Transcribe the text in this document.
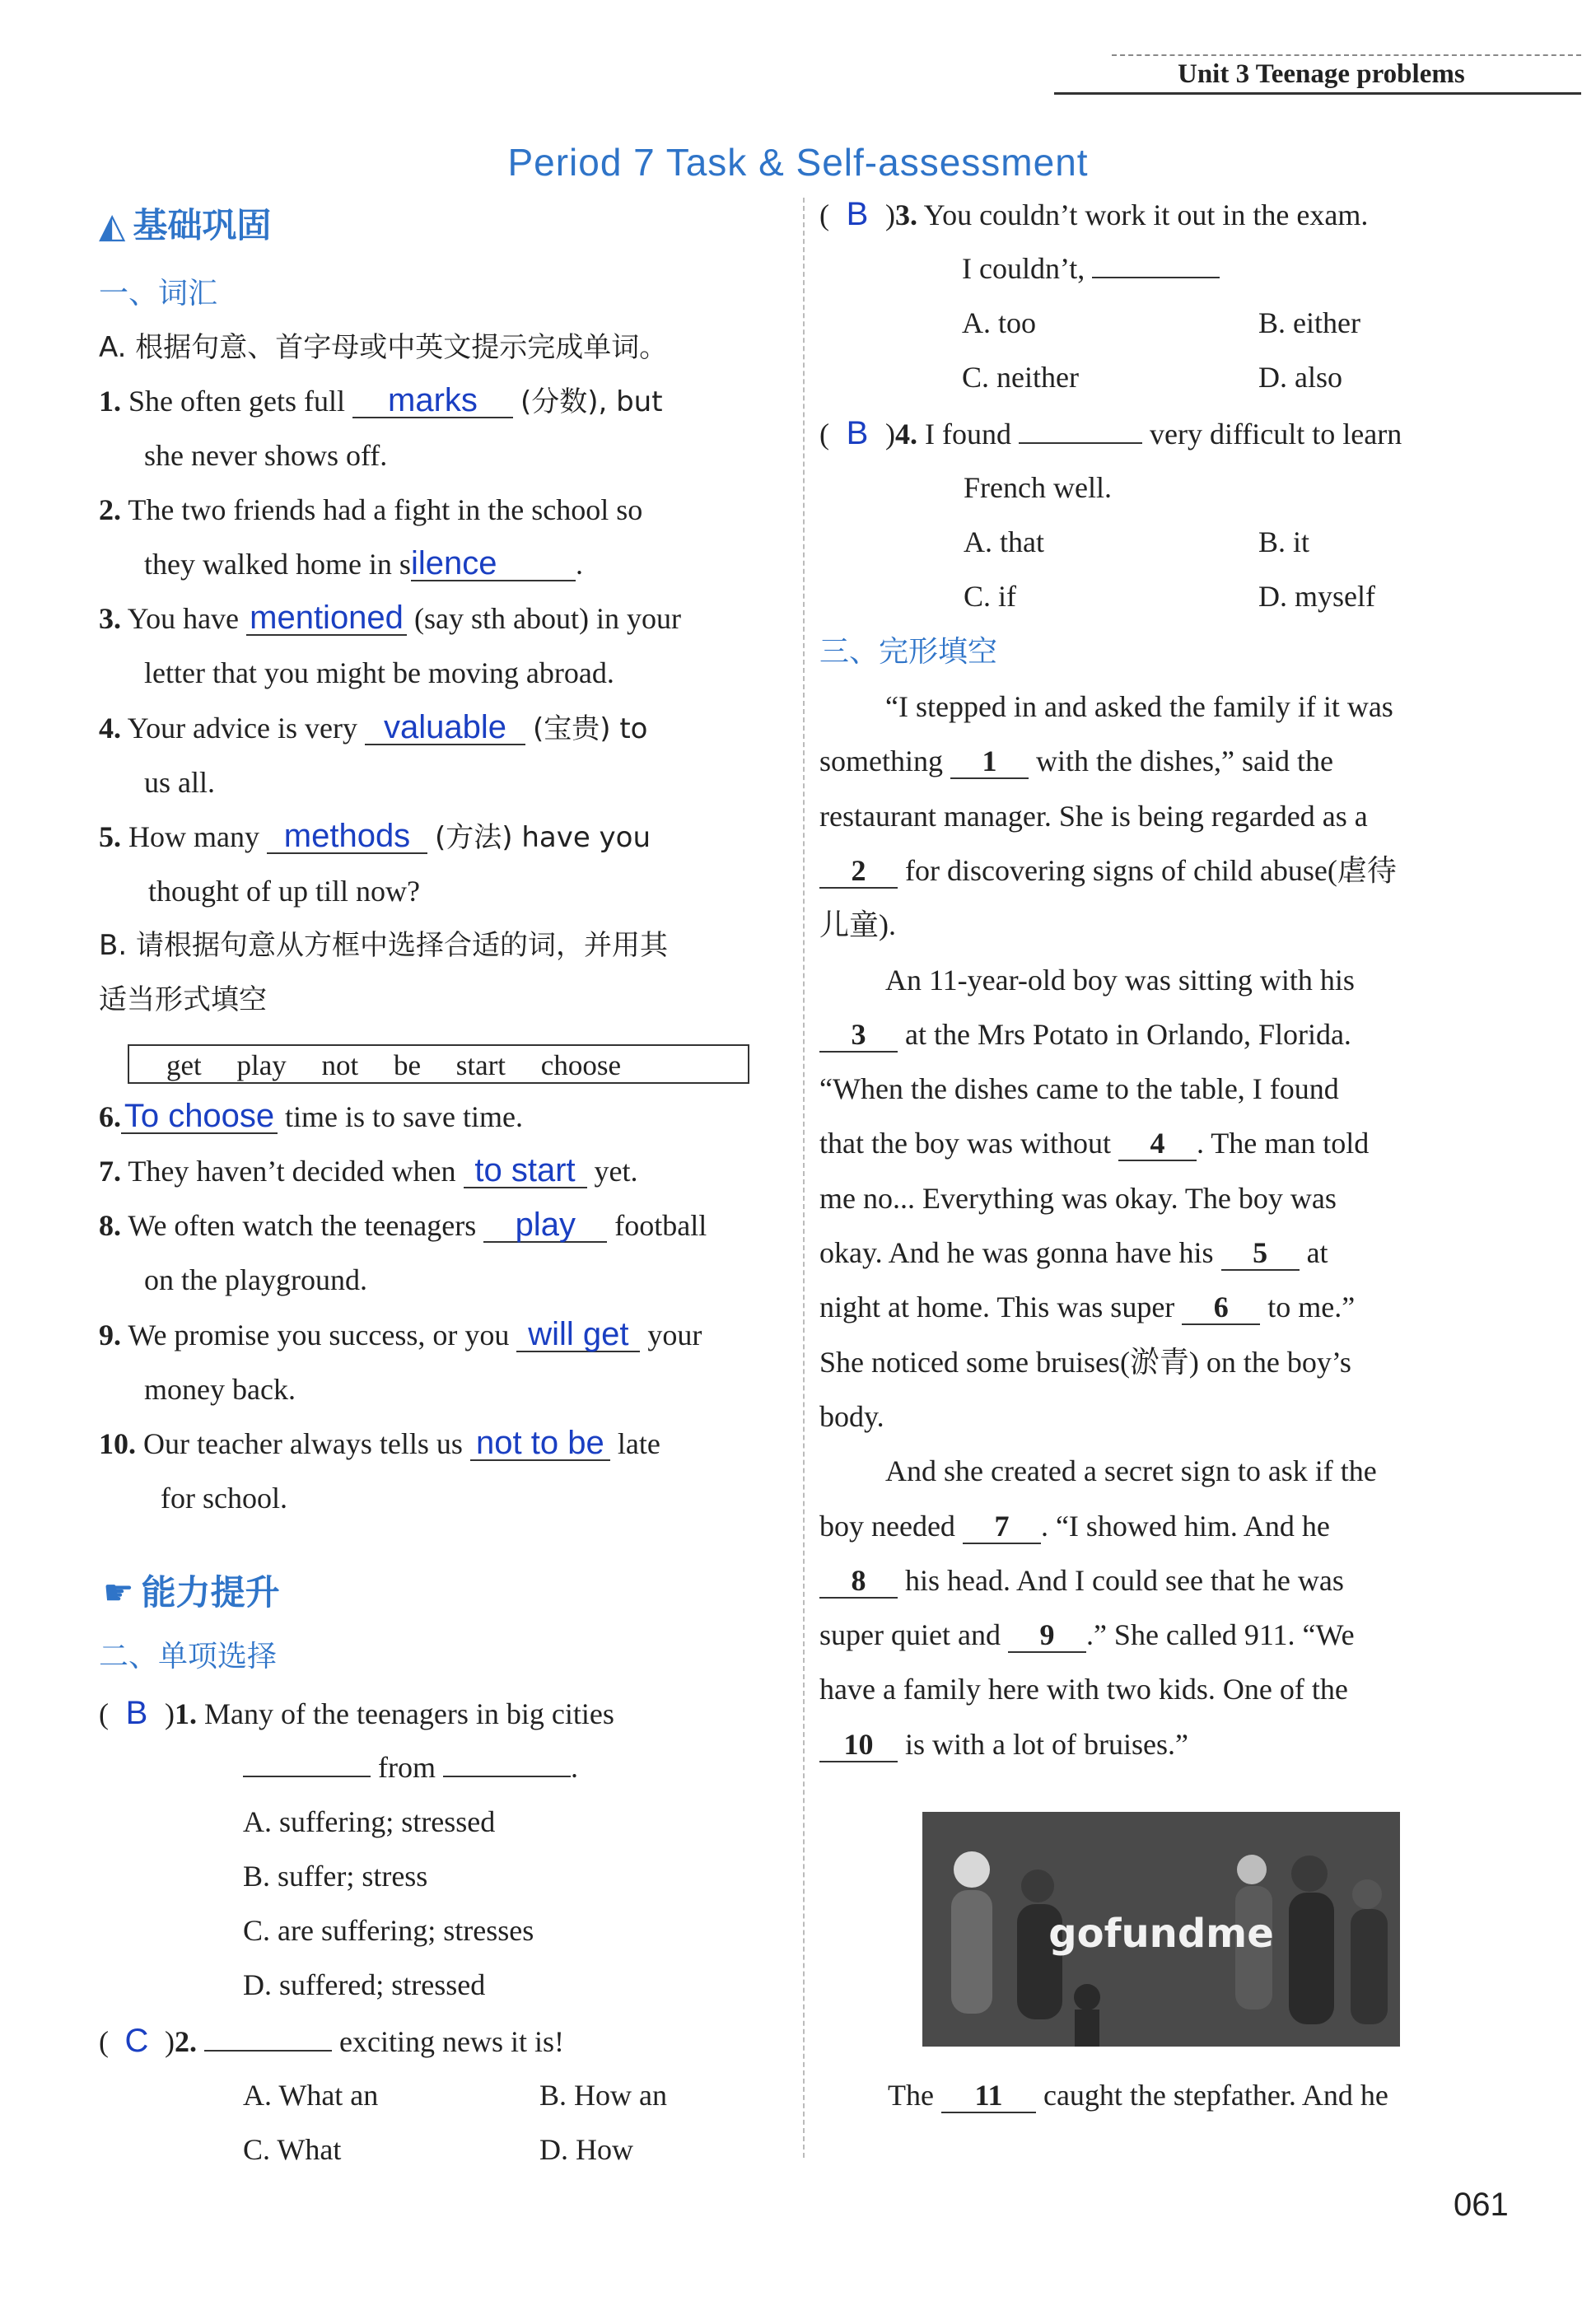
Unit 3 Teenage problems
Period 7 Task & Self-assessment
◭ 基础巩固
一、词汇
A. 根据句意、首字母或中英文提示完成单词。
1. She often gets full marks (分数), but
she never shows off.
2. The two friends had a fight in the school so
they walked home in silence	.
3. You have mentioned (say sth about) in your
letter that you might be moving abroad.
4. Your advice is very valuable (宝贵) to
us all.
5. How many methods (方法) have you
thought of up till now?
B. 请根据句意从方框中选择合适的词，并用其
适当形式填空
get play not be start choose
6.To choose time is to save time.
7. They haven’t decided when to start yet.
8. We often watch the teenagers play football
on the playground.
9. We promise you success, or you will get your
money back.
10. Our teacher always tells us not to be late
for school.
☛ 能力提升
二、单项选择
( B )1. Many of the teenagers in big cities
from	.
A. suffering; stressed
B. suffer; stress
C. are suffering; stresses
D. suffered; stressed
( C )2.	exciting news it is!
A. What an	B. How an
C. What	D. How
( B )3. You couldn’t work it out in the exam.
I couldn’t,
A. too	B. either
C. neither	D. also
( B )4. I found	very difficult to learn
French well.
A. that	B. it
C. if	D. myself
三、完形填空
“I stepped in and asked the family if it was
something 1 with the dishes,” said the
restaurant manager. She is being regarded as a
2 for discovering signs of child abuse(虐待
儿童).
An 11-year-old boy was sitting with his
3 at the Mrs Potato in Orlando, Florida.
“When the dishes came to the table, I found
that the boy was without 4 . The man told
me no... Everything was okay. The boy was
okay. And he was gonna have his 5 at
night at home. This was super 6 to me.”
She noticed some bruises(淤青) on the boy’s
body.
And she created a secret sign to ask if the
boy needed 7 . “I showed him. And he
8 his head. And I could see that he was
super quiet and 9 .” She called 911. “We
have a family here with two kids. One of the
10 is with a lot of bruises.”
gofundme
The 11 caught the stepfather. And he
061
